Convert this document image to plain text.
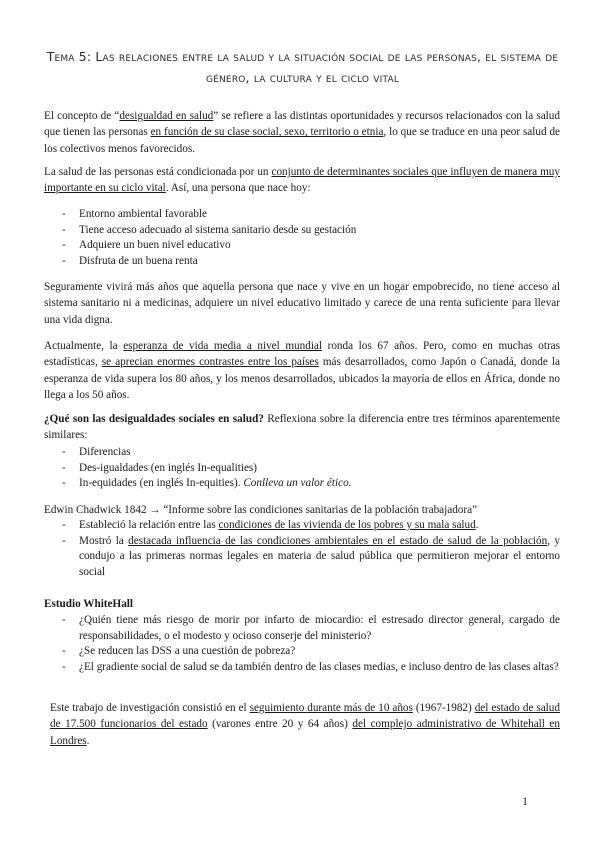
Tema 5: Las relaciones entre la salud y la situación social de las personas, el sistema de género, la cultura y el ciclo vital

El concepto de “desigualdad en salud” se refiere a las distintas oportunidades y recursos relacionados con la salud que tienen las personas en función de su clase social, sexo, territorio o etnia, lo que se traduce en una peor salud de los colectivos menos favorecidos.

La salud de las personas está condicionada por un conjunto de determinantes sociales que influyen de manera muy importante en su ciclo vital. Así, una persona que nace hoy:

- Entorno ambiental favorable
- Tiene acceso adecuado al sistema sanitario desde su gestación
- Adquiere un buen nivel educativo
- Disfruta de un buena renta

Seguramente vivirá más años que aquella persona que nace y vive en un hogar empobrecido, no tiene acceso al sistema sanitario ni a medicinas, adquiere un nivel educativo limitado y carece de una renta suficiente para llevar una vida digna.

Actualmente, la esperanza de vida media a nivel mundial ronda los 67 años. Pero, como en muchas otras estadísticas, se aprecian enormes contrastes entre los países más desarrollados, como Japón o Canadá, donde la esperanza de vida supera los 80 años, y los menos desarrollados, ubicados la mayoría de ellos en África, donde no llega a los 50 años.

¿Qué son las desigualdades sociales en salud? Reflexiona sobre la diferencia entre tres términos aparentemente similares:

- Diferencias
- Des-igualdades (en inglés In-equalities)
- In-equidades (en inglés In-equities). Conlleva un valor ético.

Edwin Chadwick 1842 → “Informe sobre las condiciones sanitarias de la población trabajadora”

- Estableció la relación entre las condiciones de las vivienda de los pobres y su mala salud.
- Mostró la destacada influencia de las condiciones ambientales en el estado de salud de la población, y condujo a las primeras normas legales en materia de salud pública que permitieron mejorar el entorno social

Estudio WhiteHall

- ¿Quién tiene más riesgo de morir por infarto de miocardio: el estresado director general, cargado de responsabilidades, o el modesto y ocioso conserje del ministerio?
- ¿Se reducen las DSS a una cuestión de pobreza?
- ¿El gradiente social de salud se da también dentro de las clases medias, e incluso dentro de las clases altas?

Este trabajo de investigación consistió en el seguimiento durante más de 10 años (1967-1982) del estado de salud de 17.500 funcionarios del estado (varones entre 20 y 64 años) del complejo administrativo de Whitehall en Londres.

1
